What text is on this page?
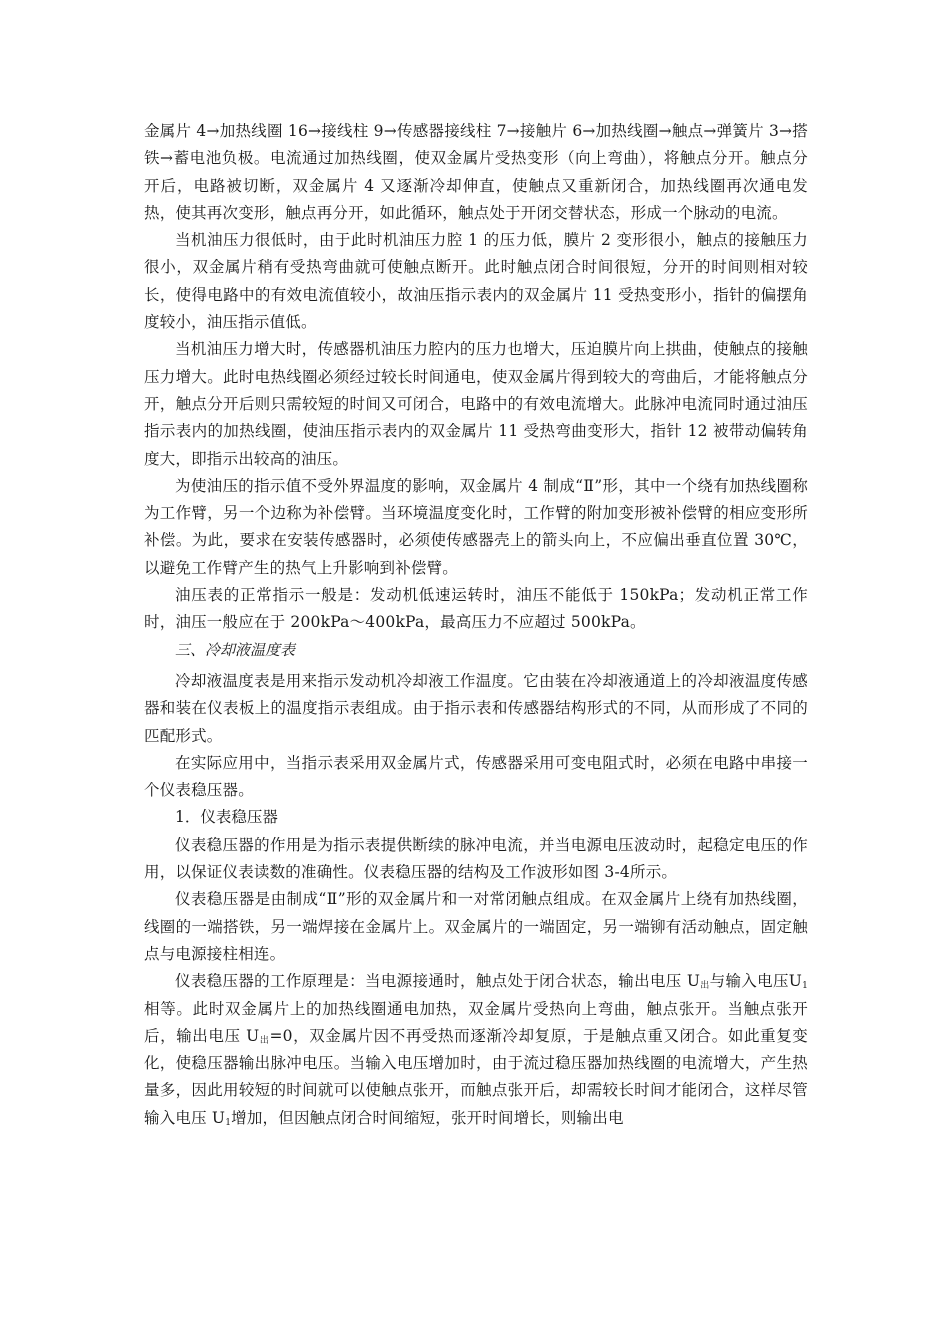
金属片 4→加热线圈 16→接线柱 9→传感器接线柱 7→接触片 6→加热线圈→触点→弹簧片 3→搭铁→蓄电池负极。电流通过加热线圈，使双金属片受热变形（向上弯曲），将触点分开。触点分开后，电路被切断，双金属片 4 又逐渐冷却伸直，使触点又重新闭合，加热线圈再次通电发热，使其再次变形，触点再分开，如此循环，触点处于开闭交替状态，形成一个脉动的电流。

当机油压力很低时，由于此时机油压力腔 1 的压力低，膜片 2 变形很小，触点的接触压力很小，双金属片稍有受热弯曲就可使触点断开。此时触点闭合时间很短，分开的时间则相对较长，使得电路中的有效电流值较小，故油压指示表内的双金属片 11 受热变形小，指针的偏摆角度较小，油压指示值低。

当机油压力增大时，传感器机油压力腔内的压力也增大，压迫膜片向上拱曲，使触点的接触压力增大。此时电热线圈必须经过较长时间通电，使双金属片得到较大的弯曲后，才能将触点分开，触点分开后则只需较短的时间又可闭合，电路中的有效电流增大。此脉冲电流同时通过油压指示表内的加热线圈，使油压指示表内的双金属片 11 受热弯曲变形大，指针 12 被带动偏转角度大，即指示出较高的油压。

为使油压的指示值不受外界温度的影响，双金属片 4 制成“Ⅱ”形，其中一个绕有加热线圈称为工作臂，另一个边称为补偿臂。当环境温度变化时，工作臂的附加变形被补偿臂的相应变形所补偿。为此，要求在安装传感器时，必须使传感器壳上的箭头向上，不应偏出垂直位置 30℃，以避免工作臂产生的热气上升影响到补偿臂。

油压表的正常指示一般是：发动机低速运转时，油压不能低于 150kPa；发动机正常工作时，油压一般应在于 200kPa～400kPa，最高压力不应超过 500kPa。

三、冷却液温度表

冷却液温度表是用来指示发动机冷却液工作温度。它由装在冷却液通道上的冷却液温度传感器和装在仪表板上的温度指示表组成。由于指示表和传感器结构形式的不同，从而形成了不同的匹配形式。

在实际应用中，当指示表采用双金属片式，传感器采用可变电阻式时，必须在电路中串接一个仪表稳压器。

1．仪表稳压器

仪表稳压器的作用是为指示表提供断续的脉冲电流，并当电源电压波动时，起稳定电压的作用，以保证仪表读数的准确性。仪表稳压器的结构及工作波形如图 3-4所示。

仪表稳压器是由制成“Ⅱ”形的双金属片和一对常闭触点组成。在双金属片上绕有加热线圈，线圈的一端搭铁，另一端焊接在金属片上。双金属片的一端固定，另一端铆有活动触点，固定触点与电源接柱相连。

仪表稳压器的工作原理是：当电源接通时，触点处于闭合状态，输出电压 $U_出$与输入电压$U_1$相等。此时双金属片上的加热线圈通电加热，双金属片受热向上弯曲，触点张开。当触点张开后，输出电压 $U_出=0$，双金属片因不再受热而逐渐冷却复原，于是触点重又闭合。如此重复变化，使稳压器输出脉冲电压。当输入电压增加时，由于流过稳压器加热线圈的电流增大，产生热量多，因此用较短的时间就可以使触点张开，而触点张开后，却需较长时间才能闭合，这样尽管输入电压 $U_1$增加，但因触点闭合时间缩短，张开时间增长，则输出电
